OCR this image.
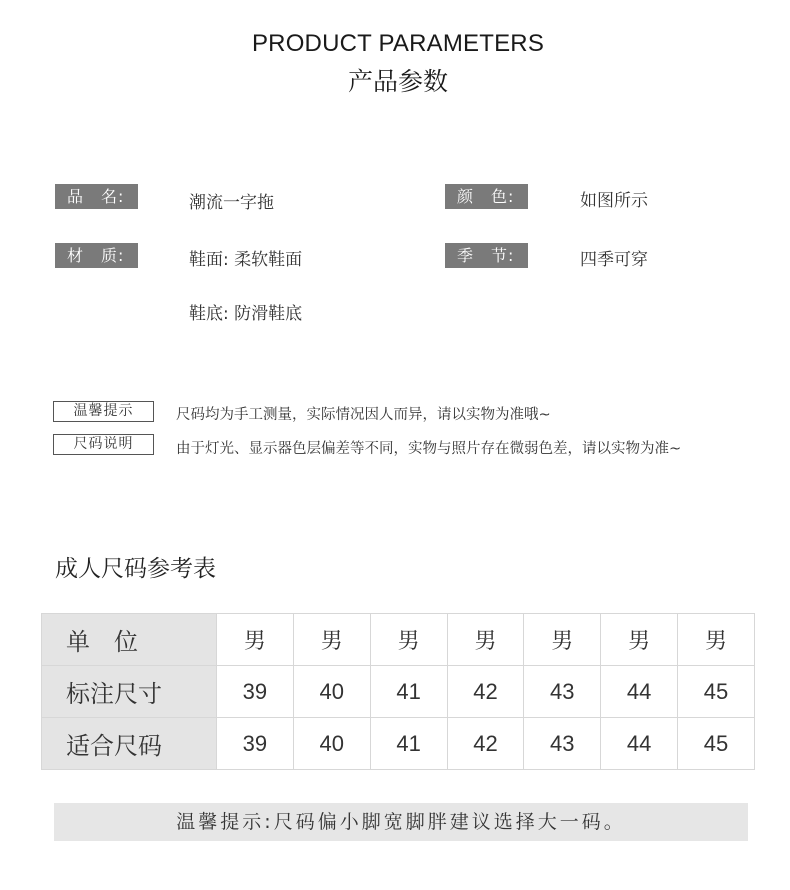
PRODUCT PARAMETERS
产品参数
品　名:	潮流一字拖	颜　色:	如图所示
材　质:	鞋面: 柔软鞋面	季　节:	四季可穿
鞋底: 防滑鞋底
温馨提示	尺码均为手工测量，实际情况因人而异，请以实物为准哦~
尺码说明	由于灯光、显示器色层偏差等不同，实物与照片存在微弱色差，请以实物为准~
成人尺码参考表
单　位	男	男	男	男	男	男	男
标注尺寸	39	40	41	42	43	44	45
适合尺码	39	40	41	42	43	44	45
温馨提示:尺码偏小脚宽脚胖建议选择大一码。
